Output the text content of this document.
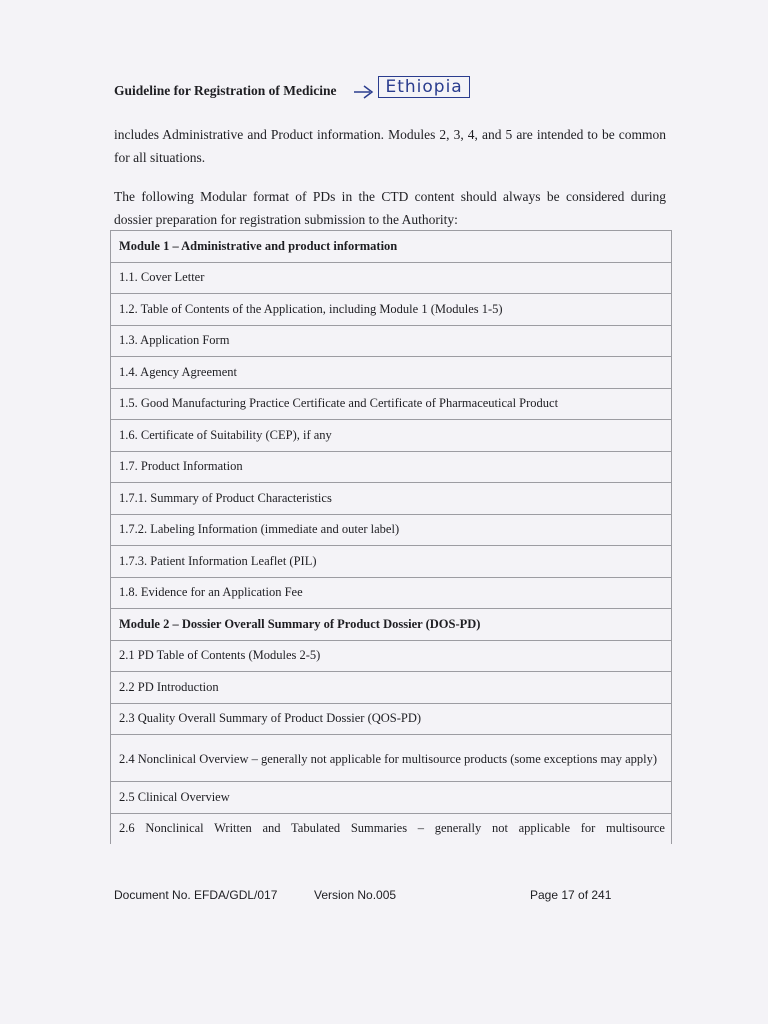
Guideline for Registration of Medicine	Ethiopia

includes Administrative and Product information. Modules 2, 3, 4, and 5 are intended to be common for all situations.

The following Modular format of PDs in the CTD content should always be considered during dossier preparation for registration submission to the Authority:

Module 1 – Administrative and product information
1.1. Cover Letter
1.2. Table of Contents of the Application, including Module 1 (Modules 1-5)
1.3. Application Form
1.4. Agency Agreement
1.5. Good Manufacturing Practice Certificate and Certificate of Pharmaceutical Product
1.6. Certificate of Suitability (CEP), if any
1.7. Product Information
1.7.1. Summary of Product Characteristics
1.7.2. Labeling Information (immediate and outer label)
1.7.3. Patient Information Leaflet (PIL)
1.8. Evidence for an Application Fee
Module 2 – Dossier Overall Summary of Product Dossier (DOS-PD)
2.1 PD Table of Contents (Modules 2-5)
2.2 PD Introduction
2.3 Quality Overall Summary of Product Dossier (QOS-PD)
2.4 Nonclinical Overview – generally not applicable for multisource products (some exceptions may apply)
2.5 Clinical Overview
2.6 Nonclinical Written and Tabulated Summaries – generally not applicable for multisource
Document No. EFDA/GDL/017	Version No.005	Page 17 of 241
